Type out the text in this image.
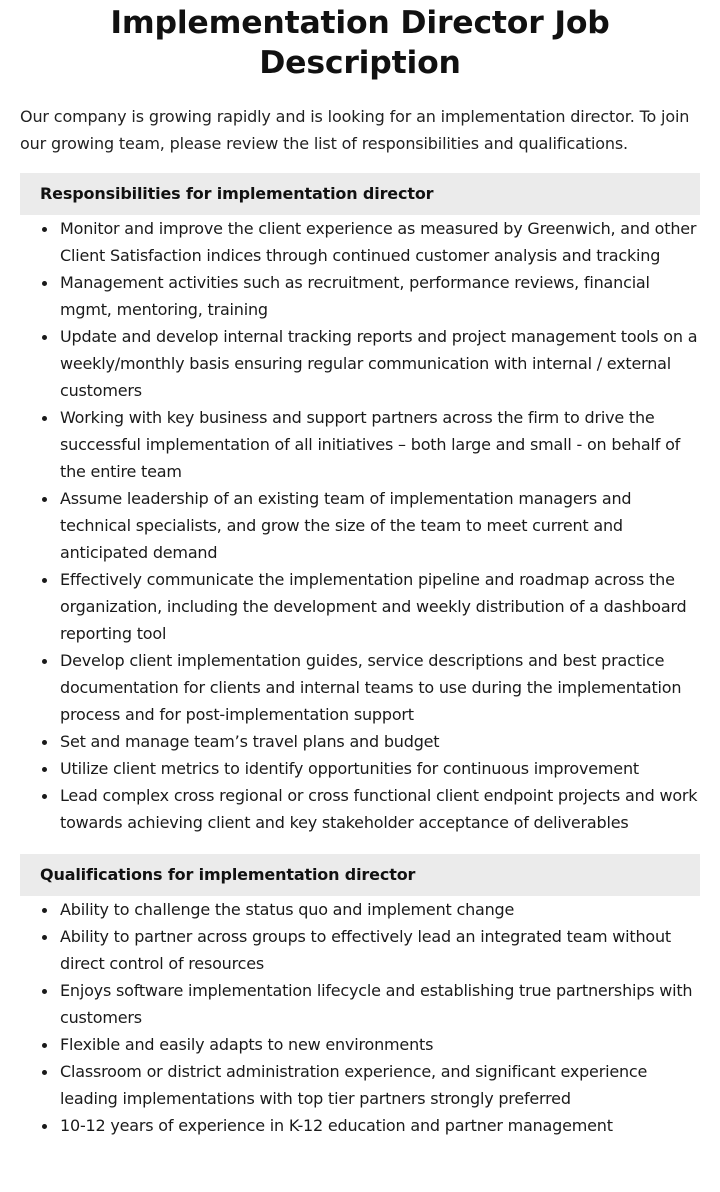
Implementation Director Job Description

Our company is growing rapidly and is looking for an implementation director. To join our growing team, please review the list of responsibilities and qualifications.

Responsibilities for implementation director
Monitor and improve the client experience as measured by Greenwich, and other Client Satisfaction indices through continued customer analysis and tracking
Management activities such as recruitment, performance reviews, financial mgmt, mentoring, training
Update and develop internal tracking reports and project management tools on a weekly/monthly basis ensuring regular communication with internal / external customers
Working with key business and support partners across the firm to drive the successful implementation of all initiatives – both large and small - on behalf of the entire team
Assume leadership of an existing team of implementation managers and technical specialists, and grow the size of the team to meet current and anticipated demand
Effectively communicate the implementation pipeline and roadmap across the organization, including the development and weekly distribution of a dashboard reporting tool
Develop client implementation guides, service descriptions and best practice documentation for clients and internal teams to use during the implementation process and for post-implementation support
Set and manage team’s travel plans and budget
Utilize client metrics to identify opportunities for continuous improvement
Lead complex cross regional or cross functional client endpoint projects and work towards achieving client and key stakeholder acceptance of deliverables
Qualifications for implementation director
Ability to challenge the status quo and implement change
Ability to partner across groups to effectively lead an integrated team without direct control of resources
Enjoys software implementation lifecycle and establishing true partnerships with customers
Flexible and easily adapts to new environments
Classroom or district administration experience, and significant experience leading implementations with top tier partners strongly preferred
10-12 years of experience in K-12 education and partner management
